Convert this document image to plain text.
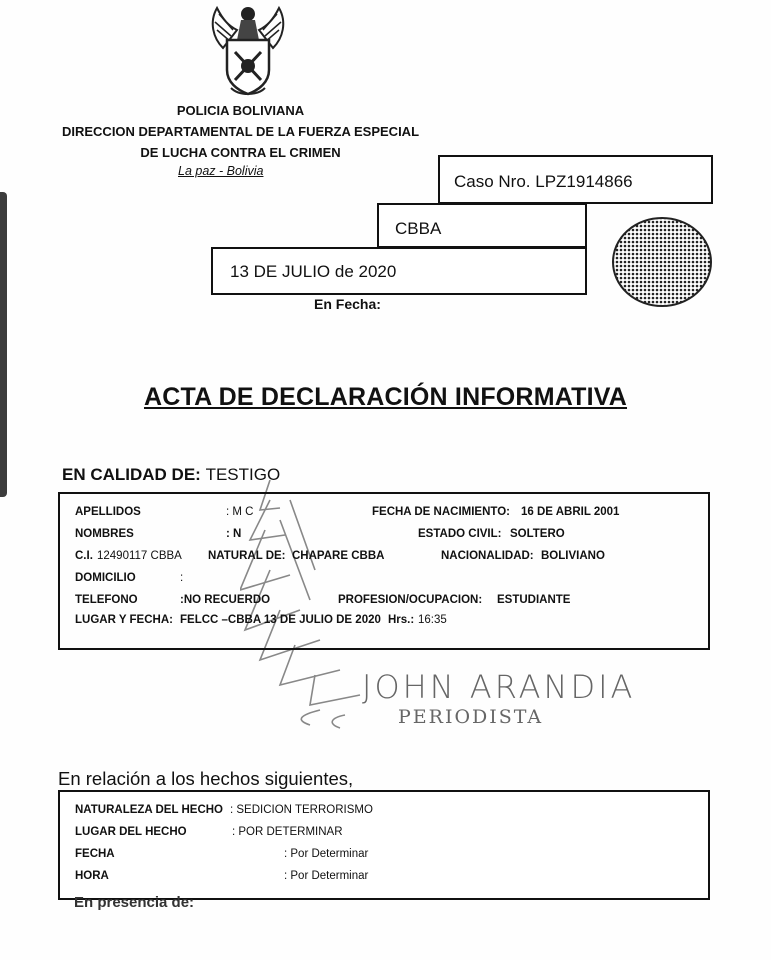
POLICIA BOLIVIANA
DIRECCION DEPARTAMENTAL DE LA FUERZA ESPECIAL
DE LUCHA CONTRA EL CRIMEN
La paz - Bolivia
Caso Nro. LPZ1914866
CBBA
13 DE JULIO de 2020
En Fecha:
ACTA DE DECLARACIÓN INFORMATIVA
EN CALIDAD DE: TESTIGO
JOHN ARANDIA
PERIODISTA
APELLIDOS	: M C	FECHA DE NACIMIENTO: 16 DE ABRIL 2001
NOMBRES	: N	ESTADO CIVIL: SOLTERO
C.I. 12490117 CBBA NATURAL DE: CHAPARE CBBA	NACIONALIDAD: BOLIVIANO
DOMICILIO	:
TELEFONO	:NO RECUERDO	PROFESION/OCUPACION: ESTUDIANTE
LUGAR Y FECHA: FELCC –CBBA 13 DE JULIO DE 2020 Hrs.: 16:35
En relación a los hechos siguientes,
NATURALEZA DEL HECHO : SEDICION TERRORISMO
LUGAR DEL HECHO	: POR DETERMINAR
FECHA	: Por Determinar
HORA	: Por Determinar
En presencia de:
